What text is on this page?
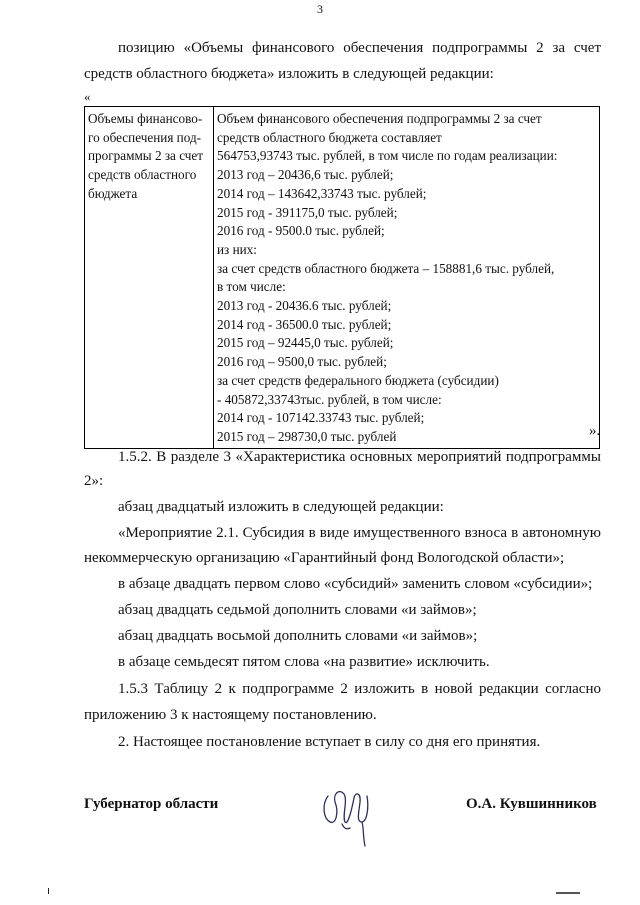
3
позицию «Объемы финансового обеспечения подпрограммы 2 за счет
средств областного бюджета» изложить в следующей редакции:
«
Объемы финансово-
го обеспечения под-
программы 2 за счет
средств областного
бюджета

Объем финансового обеспечения подпрограммы 2 за счет
средств областного бюджета составляет
564753,93743 тыс. рублей, в том числе по годам реализации:
2013 год – 20436,6 тыс. рублей;
2014 год – 143642,33743 тыс. рублей;
2015 год - 391175,0 тыс. рублей;
2016 год - 9500.0 тыс. рублей;
из них:
за счет средств областного бюджета – 158881,6 тыс. рублей,
в том числе:
2013 год - 20436.6 тыс. рублей;
2014 год - 36500.0 тыс. рублей;
2015 год – 92445,0 тыс. рублей;
2016 год – 9500,0 тыс. рублей;
за счет средств федерального бюджета (субсидии)
- 405872,33743тыс. рублей, в том числе:
2014 год - 107142.33743 тыс. рублей;
2015 год – 298730,0 тыс. рублей	».
1.5.2. В разделе 3 «Характеристика основных мероприятий подпрограммы
2»:
абзац двадцатый изложить в следующей редакции:
«Мероприятие 2.1. Субсидия в виде имущественного взноса в автономную
некоммерческую организацию «Гарантийный фонд Вологодской области»;
в абзаце двадцать первом слово «субсидий» заменить словом «субсидии»;
абзац двадцать седьмой дополнить словами «и займов»;
абзац двадцать восьмой дополнить словами «и займов»;
в абзаце семьдесят пятом слова «на развитие» исключить.
1.5.3 Таблицу 2 к подпрограмме 2 изложить в новой редакции согласно
приложению 3 к настоящему постановлению.
2. Настоящее постановление вступает в силу со дня его принятия.
Губернатор области	О.А. Кувшинников
